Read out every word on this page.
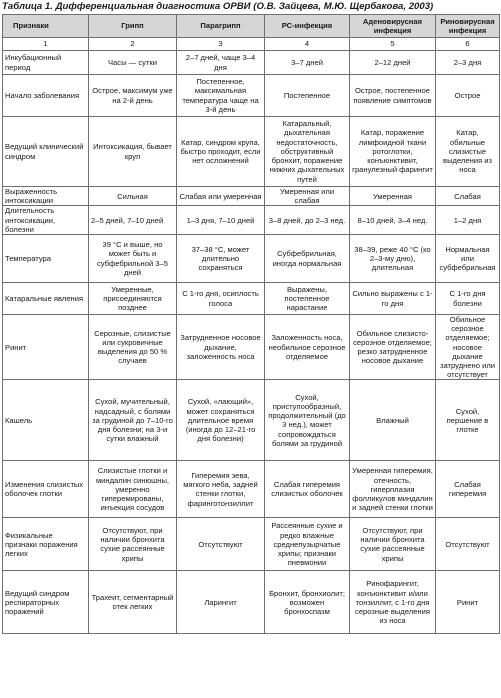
Таблица 1. Дифференциальная диагностика ОРВИ (О.В. Зайцева, М.Ю. Щербакова, 2003)
Признаки	Грипп	Парагрипп	РС-инфекция	Аденовирусная инфекция	Риновирусная инфекция
1	2	3	4	5	6
Инкубационный период	Часы — сутки	2–7 дней, чаще 3–4 дня	3–7 дней	2–12 дней	2–3 дня
Начало заболевания	Острое, максимум уже на 2-й день	Постепенное, максимальная температура чаще на 3-й день	Постепенное	Острое, постепенное появление симптомов	Острое
Ведущий клинический синдром	Интоксикация, бывает круп	Катар, синдром крупа, быстро проходит, если нет осложнений	Катаральный, дыхательная недостаточность, обструктивный бронхит, поражение нижних дыхательных путей	Катар, поражение лимфоидной ткани ротоглотки, конъюнктивит, гранулезный фарингит	Катар, обильные слизистые выделения из носа
Выраженность интоксикации	Сильная	Слабая или умеренная	Умеренная или слабая	Умеренная	Слабая
Длительность интоксикации, болезни	2–5 дней, 7–10 дней	1–3 дня, 7–10 дней	3–8 дней, до 2–3 нед.	8–10 дней, 3–4 нед.	1–2 дня
Температура	39 °С и выше, но может быть и субфебрильной 3–5 дней	37–38 °С, может длительно сохраняться	Субфебрильная, иногда нормальная	38–39, реже 40 °С (ко 2–3-му дню), длительная	Нормальная или субфебрильная
Катаральные явления	Умеренные, присоединяются позднее	С 1-го дня, осиплость голоса	Выражены, постепенное нарастание	Сильно выражены с 1-го дня	С 1-го дня болезни
Ринит	Серозные, слизистые или сукровичные выделения до 50 % случаев	Затрудненное носовое дыхание, заложенность носа	Заложенность носа, необильное серозное отделяемое	Обильное слизисто-серозное отделяемое; резко затрудненное носовое дыхание	Обильное серозное отделяемое; носовое дыхание затруднено или отсутствует
Кашель	Сухой, мучительный, надсадный, с болями за грудиной до 7–10-го дня болезни; на 3-и сутки влажный	Сухой, «лающий», может сохраняться длительное время (иногда до 12–21-го дня болезни)	Сухой, приступообразный, продолжительный (до 3 нед.), может сопровождаться болями за грудиной	Влажный	Сухой, першение в глотке
Изменения слизистых оболочек глотки	Слизистые глотки и миндалин синюшны, умеренно гиперемированы, инъекция сосудов	Гиперемия зева, мягкого неба, задней стенки глотки, фаринготонзиллит	Слабая гиперемия слизистых оболочек	Умеренная гиперемия, отечность, гиперплазия фолликулов миндалин и задней стенки глотки	Слабая гиперемия
Физикальные признаки поражения легких	Отсутствуют, при наличии бронхита сухие рассеянные хрипы	Отсутствуют	Рассеянные сухие и редко влажные среднепузырчатые хрипы; признаки пневмонии	Отсутствуют, при наличии бронхита сухие рассеянные хрипы	Отсутствуют
Ведущий синдром респираторных поражений	Трахеит, сегментарный отек легких	Ларингит	Бронхит, бронхиолит; возможен бронхоспазм	Ринофарингит, конъюнктивит и/или тонзиллит, с 1-го дня серозные выделения из носа	Ринит
